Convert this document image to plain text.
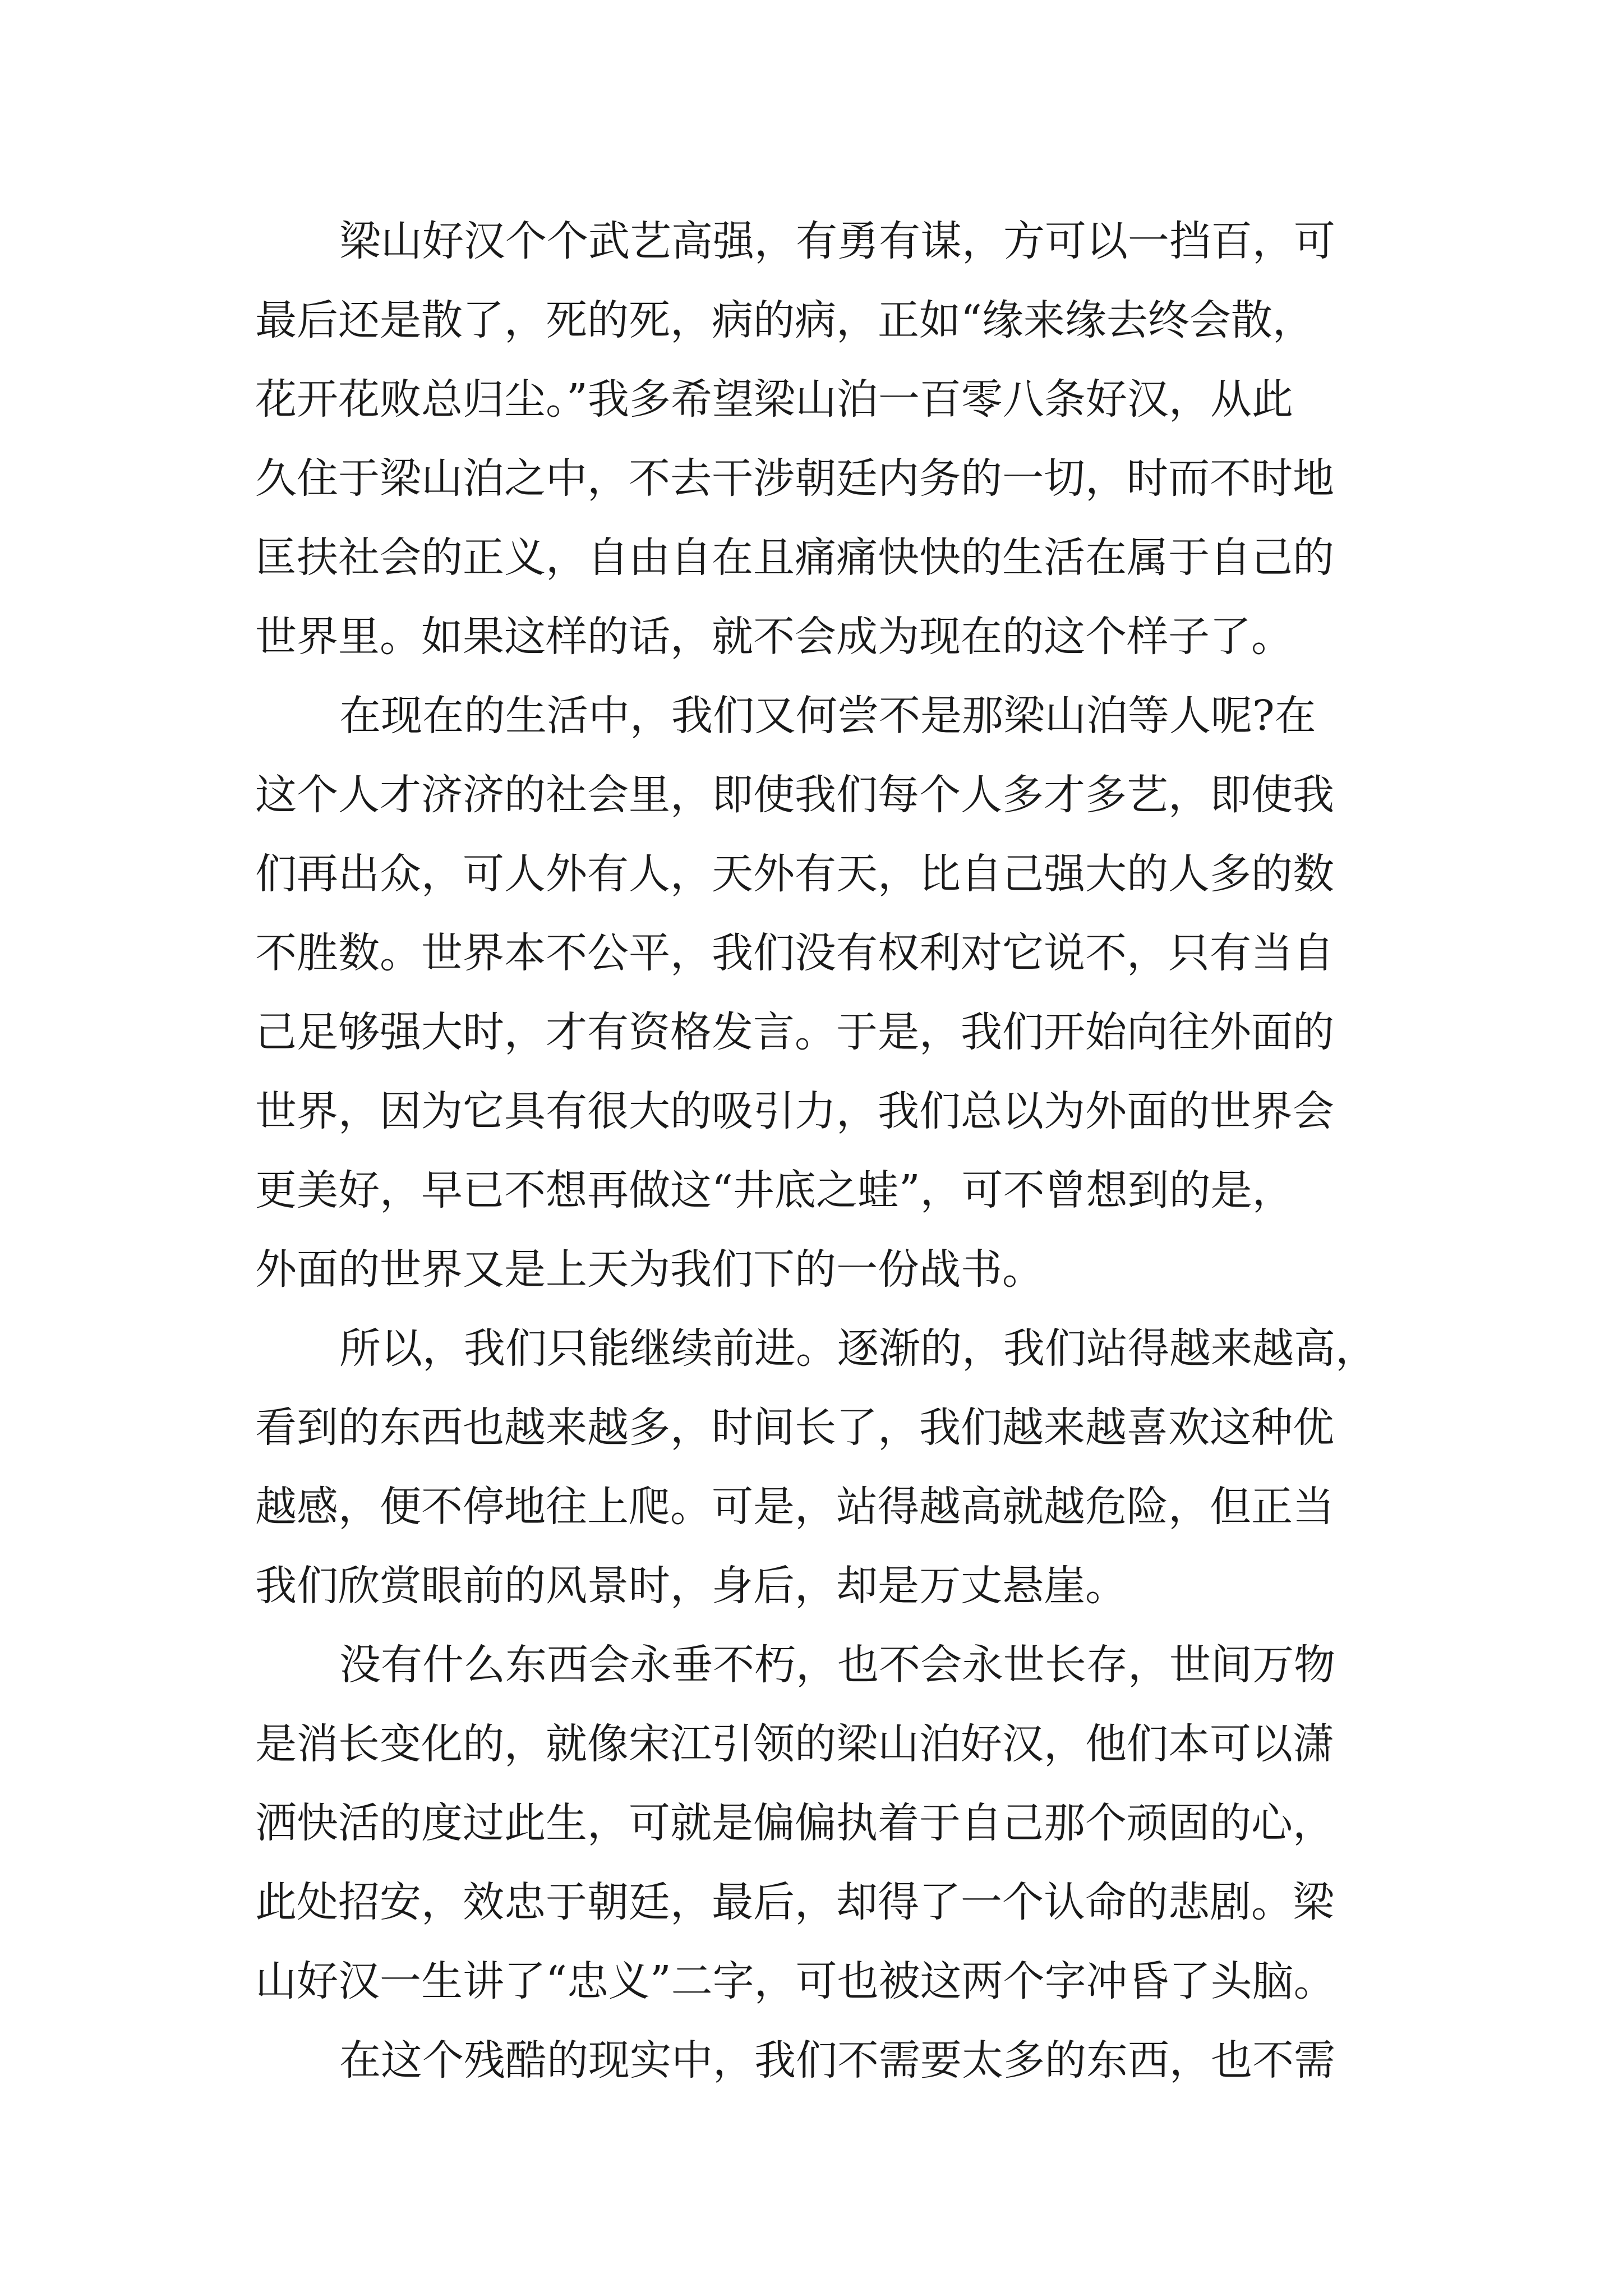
梁山好汉个个武艺高强，有勇有谋，方可以一挡百，可
最后还是散了，死的死，病的病，正如“缘来缘去终会散，
花开花败总归尘。”我多希望梁山泊一百零八条好汉，从此
久住于梁山泊之中，不去干涉朝廷内务的一切，时而不时地
匡扶社会的正义，自由自在且痛痛快快的生活在属于自己的
世界里。如果这样的话，就不会成为现在的这个样子了。
在现在的生活中，我们又何尝不是那梁山泊等人呢?在
这个人才济济的社会里，即使我们每个人多才多艺，即使我
们再出众，可人外有人，天外有天，比自己强大的人多的数
不胜数。世界本不公平，我们没有权利对它说不，只有当自
己足够强大时，才有资格发言。于是，我们开始向往外面的
世界，因为它具有很大的吸引力，我们总以为外面的世界会
更美好，早已不想再做这“井底之蛙”，可不曾想到的是，
外面的世界又是上天为我们下的一份战书。
所以，我们只能继续前进。逐渐的，我们站得越来越高，
看到的东西也越来越多，时间长了，我们越来越喜欢这种优
越感，便不停地往上爬。可是，站得越高就越危险，但正当
我们欣赏眼前的风景时，身后，却是万丈悬崖。
没有什么东西会永垂不朽，也不会永世长存，世间万物
是消长变化的，就像宋江引领的梁山泊好汉，他们本可以潇
洒快活的度过此生，可就是偏偏执着于自己那个顽固的心，
此处招安，效忠于朝廷，最后，却得了一个认命的悲剧。梁
山好汉一生讲了“忠义”二字，可也被这两个字冲昏了头脑。
在这个残酷的现实中，我们不需要太多的东西，也不需
